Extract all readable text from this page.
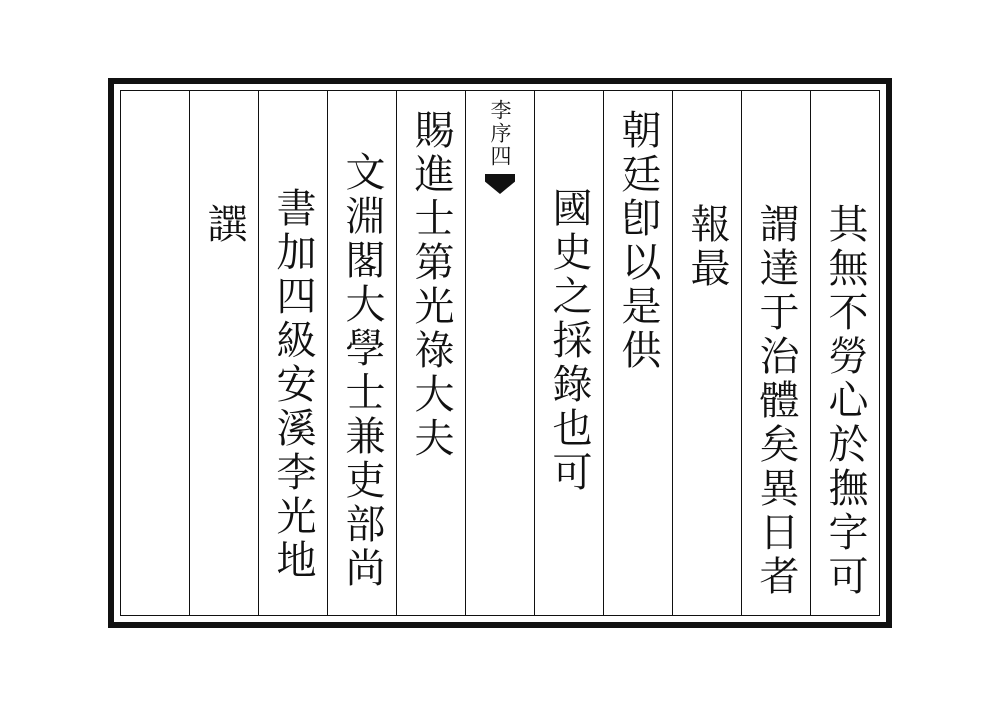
其無不勞心於撫字可
謂達于治體矣異日者
報最
朝廷卽以是供
國史之採錄也可
李序四
賜進士第光祿大夫
文淵閣大學士兼吏部尚
書加四級安溪李光地
譔
